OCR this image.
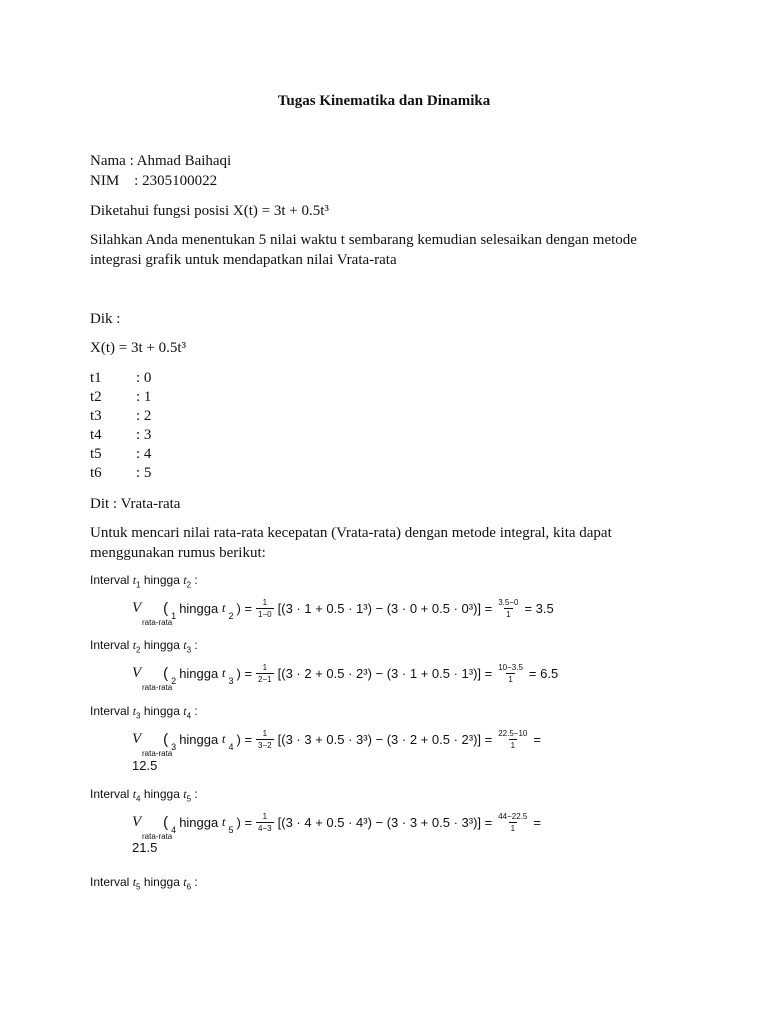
Tugas Kinematika dan Dinamika
Nama : Ahmad Baihaqi
NIM    : 2305100022
Diketahui fungsi posisi X(t) = 3t + 0.5t³
Silahkan Anda menentukan 5 nilai waktu t sembarang kemudian selesaikan dengan metode
integrasi grafik untuk mendapatkan nilai Vrata-rata
Dik :
X(t) = 3t + 0.5t³
t1 : 0
t2 : 1
t3 : 2
t4 : 3
t5 : 4
t6 : 5
Dit : Vrata-rata
Untuk mencari nilai rata-rata kecepatan (Vrata-rata) dengan metode integral, kita dapat
menggunakan rumus berikut:
Interval $t_1$ hingga $t_2$ :
V
rata-rata
( 1
hingga
t
2
) = $\frac{1}{1-0} [(3 \cdot 1 + 0.5 \cdot 1^3) - (3 \cdot 0 + 0.5 \cdot 0^3)] = \frac{3.5-0}{1} = 3.5$
Interval $t_2$ hingga $t_3$ :
V
rata-rata
( 2
hingga
t
3
) = $\frac{1}{2-1} [(3 \cdot 2 + 0.5 \cdot 2^3) - (3 \cdot 1 + 0.5 \cdot 1^3)] = \frac{10-3.5}{1} = 6.5$
Interval $t_3$ hingga $t_4$ :
V
rata-rata
( 3
hingga
t
4
) = $\frac{1}{3-2} [(3 \cdot 3 + 0.5 \cdot 3^3) - (3 \cdot 2 + 0.5 \cdot 2^3)] = \frac{22.5-10}{1}$ =
12.5
Interval $t_4$ hingga $t_5$ :
V
rata-rata
( 4
hingga
t
5
) = $\frac{1}{4-3} [(3 \cdot 4 + 0.5 \cdot 4^3) - (3 \cdot 3 + 0.5 \cdot 3^3)] = \frac{44-22.5}{1}$ =
21.5
Interval $t_5$ hingga $t_6$ :
